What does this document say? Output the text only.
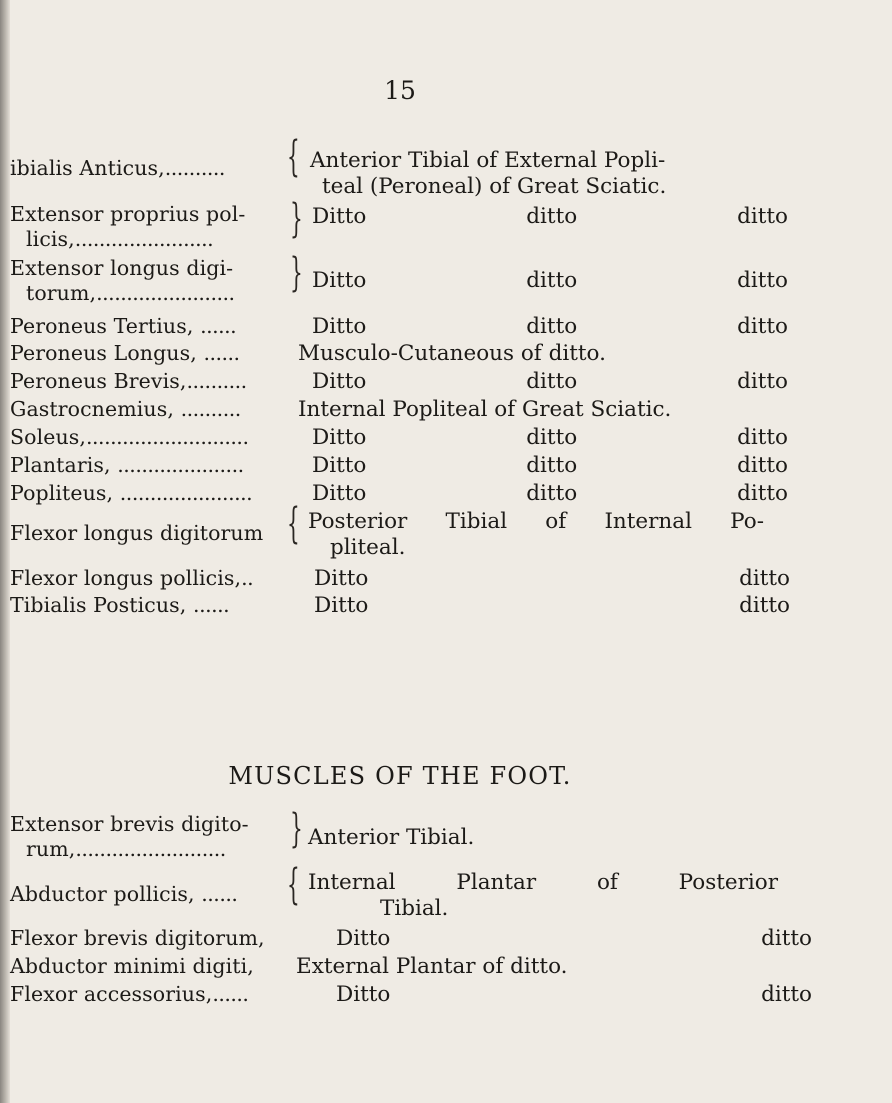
15
ibialis Anticus,..........	{ Anterior Tibial of External Popli-
teal (Peroneal) of Great Sciatic.
Extensor proprius pol-
licis,.......................	{ Ditto	ditto	ditto
Extensor longus digi-
torum,.......................	{ Ditto	ditto	ditto
Peroneus Tertius, ......	Ditto	ditto	ditto
Peroneus Longus, ......	Musculo-Cutaneous of ditto.
Peroneus Brevis,..........	Ditto	ditto	ditto
Gastrocnemius, ..........	Internal Popliteal of Great Sciatic.
Soleus,...........................	Ditto	ditto	ditto
Plantaris, .....................	Ditto	ditto	ditto
Popliteus, ......................	Ditto	ditto	ditto
Flexor longus digitorum	{ Posterior Tibial of Internal Po-
pliteal.
Flexor longus pollicis,..	Ditto	ditto
Tibialis Posticus, ......	Ditto	ditto
MUSCLES OF THE FOOT.
Extensor brevis digito-
rum,.........................	{ Anterior Tibial.
Abductor pollicis, ......	{ Internal Plantar of Posterior
Tibial.
Flexor brevis digitorum,	Ditto	ditto
Abductor minimi digiti,	External Plantar of ditto.
Flexor accessorius,......	Ditto	ditto
